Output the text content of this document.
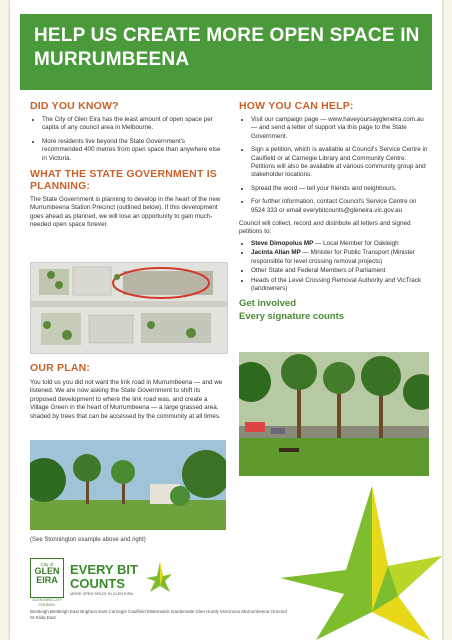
HELP US CREATE MORE OPEN SPACE IN MURRUMBEENA
DID YOU KNOW?
• The City of Glen Eira has the least amount of open space per capita of any council area in Melbourne.
• More residents live beyond the State Government's recommended 400 metres from open space than anywhere else in Victoria.
WHAT THE STATE GOVERNMENT IS PLANNING:

The State Government is planning to develop in the heart of the new Murrumbeena Station Precinct (outlined below). If this development goes ahead as planned, we will lose an opportunity to gain much-needed open space forever.

OUR PLAN:

You told us you did not want the link road in Murrumbeena — and we listened. We are now asking the State Government to shift its proposed development to where the link road was, and create a Village Green in the heart of Murrumbeena — a large grassed area, shaded by trees that can be accessed by the community at all times.

(See Stonnington example above and right)
HOW YOU CAN HELP:
• Visit our campaign page — www.haveyoursayglenelra.com.au — and send a letter of support via this page to the State Government.
• Sign a petition, which is available at Council's Service Centre in Caulfield or at Carnegie Library and Community Centre. Petitions will also be available at various community group and stakeholder locations.
• Spread the word — tell your friends and neighbours.
• For further information, contact Council's Service Centre on 9524 333 or email everybitcounts@gleneira.vic.gov.au

Council will collect, record and distribute all letters and signed petitions to:

• Steve Dimopolus MP — Local Member for Oakleigh
• Jacinta Allan MP — Minister for Public Transport (Minister responsible for level crossing removal projects)
• Other State and Federal Members of Parliament
• Heads of the Level Crossing Removal Authority and VicTrack (landowners)
Get involved
Every signature counts
City of
GLEN
EIRA
GLEN EIRA CITY COUNCIL
EVERY BIT
COUNTS
MORE OPEN SPACE IN GLEN EIRA
Bentleigh Bentleigh East Brighton East Carnegie Caulfield Elsternwick Gardenvale Glen Huntly McKinnon Murrumbeena Ormond St Kilda East
